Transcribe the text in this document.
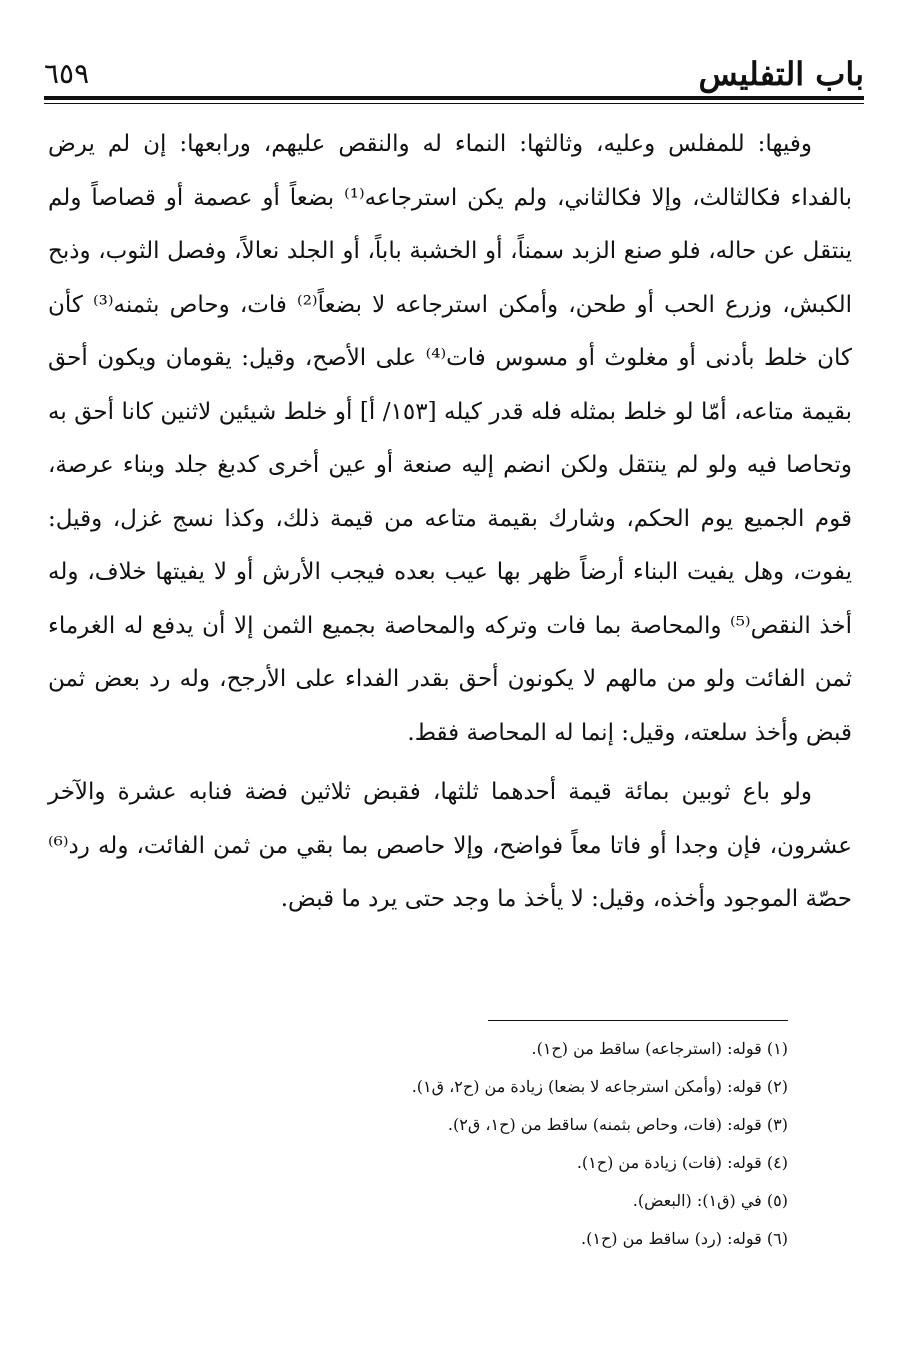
٦٥٩	باب التفليس

وفيها: للمفلس وعليه، وثالثها: النماء له والنقص عليهم، ورابعها: إن لم يرض بالفداء فكالثالث، وإلا فكالثاني، ولم يكن استرجاعه⁽¹⁾ بضعاً أو عصمة أو قصاصاً ولم ينتقل عن حاله، فلو صنع الزبد سمناً، أو الخشبة باباً، أو الجلد نعالاً، وفصل الثوب، وذبح الكبش، وزرع الحب أو طحن، وأمكن استرجاعه لا بضعاً⁽²⁾ فات، وحاص بثمنه⁽³⁾ كأن كان خلط بأدنى أو مغلوث أو مسوس فات⁽⁴⁾ على الأصح، وقيل: يقومان ويكون أحق بقيمة متاعه، أمّا لو خلط بمثله فله قدر كيله [١٥٣/ أ] أو خلط شيئين لاثنين كانا أحق به وتحاصا فيه ولو لم ينتقل ولكن انضم إليه صنعة أو عين أخرى كدبغ جلد وبناء عرصة، قوم الجميع يوم الحكم، وشارك بقيمة متاعه من قيمة ذلك، وكذا نسج غزل، وقيل: يفوت، وهل يفيت البناء أرضاً ظهر بها عيب بعده فيجب الأرش أو لا يفيتها خلاف، وله أخذ النقص⁽⁵⁾ والمحاصة بما فات وتركه والمحاصة بجميع الثمن إلا أن يدفع له الغرماء ثمن الفائت ولو من مالهم لا يكونون أحق بقدر الفداء على الأرجح، وله رد بعض ثمن قبض وأخذ سلعته، وقيل: إنما له المحاصة فقط.

ولو باع ثوبين بمائة قيمة أحدهما ثلثها، فقبض ثلاثين فضة فنابه عشرة والآخر عشرون، فإن وجدا أو فاتا معاً فواضح، وإلا حاصص بما بقي من ثمن الفائت، وله رد⁽⁶⁾ حصّة الموجود وأخذه، وقيل: لا يأخذ ما وجد حتى يرد ما قبض.

(١) قوله: (استرجاعه) ساقط من (ح١).

(٢) قوله: (وأمكن استرجاعه لا بضعا) زيادة من (ح٢، ق١).

(٣) قوله: (فات، وحاص بثمنه) ساقط من (ح١، ق٢).

(٤) قوله: (فات) زيادة من (ح١).

(٥) في (ق١): (البعض).

(٦) قوله: (رد) ساقط من (ح١).
